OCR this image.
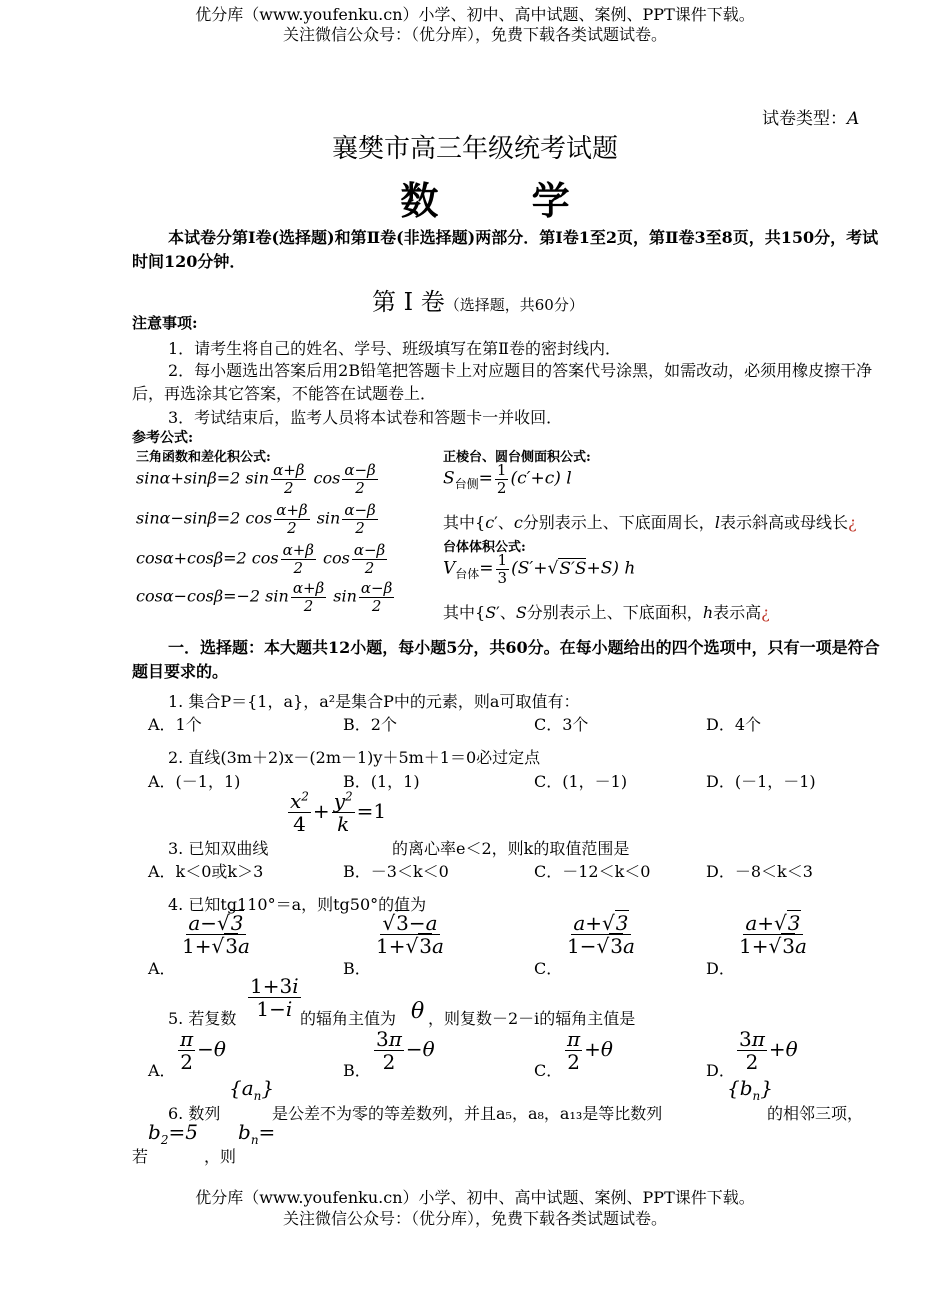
优分库（www.youfenku.cn）小学、初中、高中试题、案例、PPT课件下载。
关注微信公众号：（优分库），免费下载各类试题试卷。
试卷类型：A
襄樊市高三年级统考试题
数 学
本试卷分第Ⅰ卷(选择题)和第Ⅱ卷(非选择题)两部分．第Ⅰ卷1至2页，第Ⅱ卷3至8页，共150分，考试时间120分钟．
第 Ⅰ 卷（选择题，共60分）
注意事项:
1．请考生将自己的姓名、学号、班级填写在第Ⅱ卷的密封线内．
2．每小题选出答案后用2B铅笔把答题卡上对应题目的答案代号涂黑，如需改动，必须用橡皮擦干净后，再选涂其它答案，不能答在试题卷上．
3．考试结束后，监考人员将本试卷和答题卡一并收回．
参考公式:
三角函数和差化积公式:	正棱台、圆台侧面积公式:
sinα+sinβ=2 $\sin \frac{\alpha+\beta}{2}$ $\cos \frac{\alpha-\beta}{2}$
sinα−sinβ=2 $\cos \frac{\alpha+\beta}{2}$ $\sin \frac{\alpha-\beta}{2}$
cosα+cosβ=2 $\cos \frac{\alpha+\beta}{2}$ $\cos \frac{\alpha-\beta}{2}$
cosα−cosβ=−2 $\sin \frac{\alpha+\beta}{2}$ $\sin \frac{\alpha-\beta}{2}$
$S_{台侧}= \frac{1}{2} (c'+c)$ l
其中{c′、c分别表示上、下底面周长，l表示斜高或母线长¿
台体体积公式:
$V_{台体}= \frac{1}{3} (S'+√S'S+S)$ h
其中{S′、S分别表示上、下底面积，h表示高¿
一．选择题：本大题共12小题，每小题5分，共60分。在每小题给出的四个选项中，只有一项是符合题目要求的。
1. 集合P＝{1，a}，a²是集合P中的元素，则a可取值有：
A．1个	B．2个	C．3个	D．4个
2. 直线(3m＋2)x－(2m－1)y＋5m＋1＝0必过定点
A．(－1，1)	B．(1，1)	C．(1，－1)	D．(－1，－1)
$\frac{x^2}{4} + \frac{y^2}{k} =1$
3. 已知双曲线	的离心率e＜2，则k的取值范围是
A．k＜0或k＞3	B．－3＜k＜0	C．－12＜k＜0	D．－8＜k＜3
4. 已知tg110°＝a，则tg50°的值为
A．
$\frac{a-√3}{1+√3a}$
B．
$\frac{√3-a}{1+√3a}$
C．
$\frac{a+√3}{1-√3a}$
D．
$\frac{a+√3}{1+√3a}$
5. 若复数 $\frac{1+3i}{1-i}$ 的辐角主值为 θ ，则复数－2－i的辐角主值是
A． $\frac{\pi}{2} -\theta$
B． $\frac{3\pi}{2} -\theta$
C． $\frac{\pi}{2} +\theta$
D． $\frac{3\pi}{2} +\theta$
6. 数列
$\{a_n\}$
是公差不为零的等差数列，并且a₅，a₈，a₁₃是等比数列
$\{b_n\}$
的相邻三项，
若
$b_2=5$
，则
$b_n=$
优分库（www.youfenku.cn）小学、初中、高中试题、案例、PPT课件下载。
关注微信公众号：（优分库），免费下载各类试题试卷。
